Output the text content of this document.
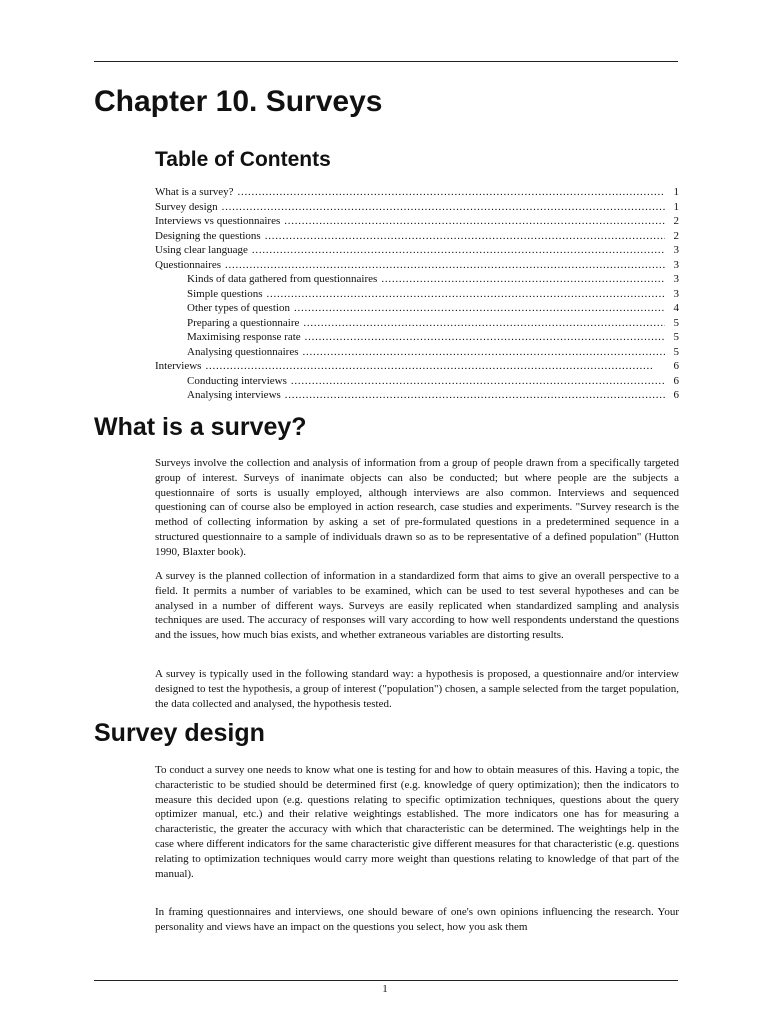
Chapter 10. Surveys
Table of Contents
What is a survey? . . .	1
Survey design . . .	1
Interviews vs questionnaires . . .	2
Designing the questions . . .	2
Using clear language . . .	3
Questionnaires . . .	3
Kinds of data gathered from questionnaires . . .	3
Simple questions . . .	3
Other types of question . . .	4
Preparing a questionnaire . . .	5
Maximising response rate . . .	5
Analysing questionnaires . . .	5
Interviews . . .	6
Conducting interviews . . .	6
Analysing interviews . . .	6
What is a survey?

Surveys involve the collection and analysis of information from a group of people drawn from a specifically targeted group of interest. Surveys of inanimate objects can also be conducted; but where people are the subjects a questionnaire of sorts is usually employed, although interviews are also common. Interviews and sequenced questioning can of course also be employed in action research, case studies and experiments. "Survey research is the method of collecting information by asking a set of pre-formulated questions in a predetermined sequence in a structured questionnaire to a sample of individuals drawn so as to be representative of a defined population" (Hutton 1990, Blaxter book).

A survey is the planned collection of information in a standardized form that aims to give an overall perspective to a field. It permits a number of variables to be examined, which can be used to test several hypotheses and can be analysed in a number of different ways. Surveys are easily replicated when standardized sampling and analysis techniques are used. The accuracy of responses will vary according to how well respondents understand the questions and the issues, how much bias exists, and whether extraneous variables are distorting results.

A survey is typically used in the following standard way: a hypothesis is proposed, a questionnaire and/or interview designed to test the hypothesis, a group of interest ("population") chosen, a sample selected from the target population, the data collected and analysed, the hypothesis tested.

Survey design

To conduct a survey one needs to know what one is testing for and how to obtain measures of this. Having a topic, the characteristic to be studied should be determined first (e.g. knowledge of query optimization); then the indicators to measure this decided upon (e.g. questions relating to specific optimization techniques, questions about the query optimizer manual, etc.) and their relative weightings established. The more indicators one has for measuring a characteristic, the greater the accuracy with which that characteristic can be determined. The weightings help in the case where different indicators for the same characteristic give different measures for that characteristic (e.g. questions relating to optimization techniques would carry more weight than questions relating to knowledge of that part of the manual).

In framing questionnaires and interviews, one should beware of one's own opinions influencing the research. Your personality and views have an impact on the questions you select, how you ask them

1
